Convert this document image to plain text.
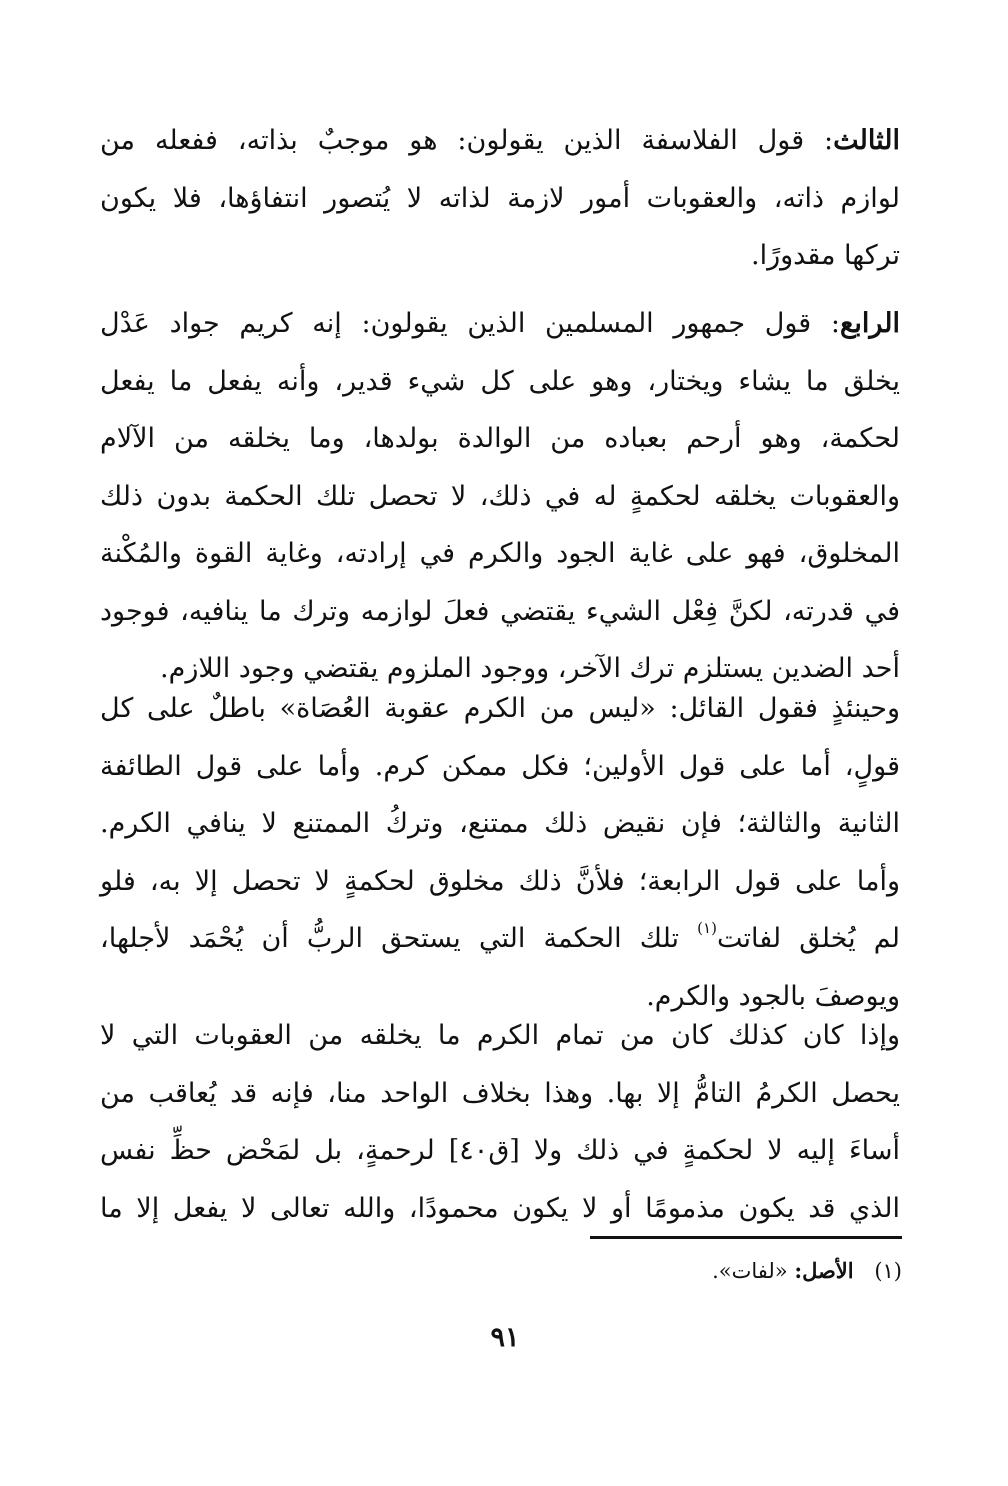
الثالث: قول الفلاسفة الذين يقولون: هو موجبٌ بذاته، ففعله من
لوازم ذاته، والعقوبات أمور لازمة لذاته لا يُتصور انتفاؤها، فلا يكون
تركها مقدورًا.
الرابع: قول جمهور المسلمين الذين يقولون: إنه كريم جواد عَدْل
يخلق ما يشاء ويختار، وهو على كل شيء قدير، وأنه يفعل ما يفعل
لحكمة، وهو أرحم بعباده من الوالدة بولدها، وما يخلقه من الآلام
والعقوبات يخلقه لحكمةٍ له في ذلك، لا تحصل تلك الحكمة بدون ذلك
المخلوق، فهو على غاية الجود والكرم في إرادته، وغاية القوة والمُكْنة
في قدرته، لكنَّ فِعْل الشيء يقتضي فعلَ لوازمه وترك ما ينافيه، فوجود
أحد الضدين يستلزم ترك الآخر، ووجود الملزوم يقتضي وجود اللازم.
وحينئذٍ فقول القائل: «ليس من الكرم عقوبة العُصَاة» باطلٌ على كل
قولٍ، أما على قول الأولين؛ فكل ممكن كرم. وأما على قول الطائفة
الثانية والثالثة؛ فإن نقيض ذلك ممتنع، وتركُ الممتنع لا ينافي الكرم.
وأما على قول الرابعة؛ فلأنَّ ذلك مخلوق لحكمةٍ لا تحصل إلا به، فلو
لم يُخلق لفاتت$^{(١)}$ تلك الحكمة التي يستحق الربُّ أن يُحْمَد لأجلها،
ويوصفَ بالجود والكرم.
وإذا كان كذلك كان من تمام الكرم ما يخلقه من العقوبات التي لا
يحصل الكرمُ التامُّ إلا بها. وهذا بخلاف الواحد منا، فإنه قد يُعاقب من
أساءَ إليه لا لحكمةٍ في ذلك ولا [ق٤٠] لرحمةٍ، بل لمَحْض حظِّ نفس
الذي قد يكون مذمومًا أو لا يكون محمودًا، والله تعالى لا يفعل إلا ما
(١) الأصل: «لفات».
٩١
